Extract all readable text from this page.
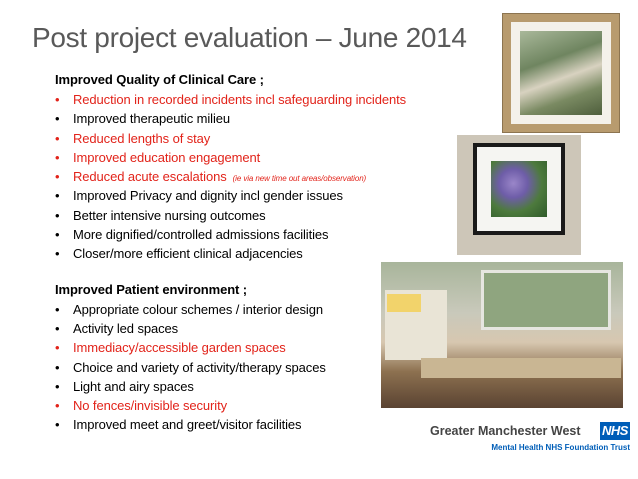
Post project evaluation – June 2014
Improved Quality of Clinical Care ;
• Reduction in recorded incidents incl safeguarding incidents
• Improved therapeutic milieu
• Reduced lengths of stay
• Improved education engagement
• Reduced acute escalations (ie via new time out areas/observation)
• Improved Privacy and dignity incl gender issues
• Better intensive nursing outcomes
• More dignified/controlled admissions facilities
• Closer/more efficient clinical adjacencies
Improved Patient environment ;
• Appropriate colour schemes / interior design
• Activity led spaces
• Immediacy/accessible garden spaces
• Choice and variety of activity/therapy spaces
• Light and airy spaces
• No fences/invisible security
• Improved meet and greet/visitor facilities	Greater Manchester West NHS
Mental Health NHS Foundation Trust
